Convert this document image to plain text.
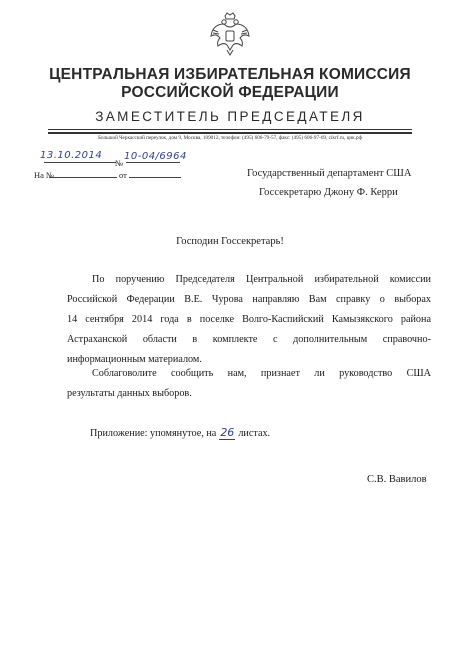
ЦЕНТРАЛЬНАЯ ИЗБИРАТЕЛЬНАЯ КОМИССИЯ
РОССИЙСКОЙ ФЕДЕРАЦИИ
ЗАМЕСТИТЕЛЬ ПРЕДСЕДАТЕЛЯ
Большой Черкасский переулок, дом 9, Москва, 109012, телефон: (495) 606-79-57, факс: (495) 606-97-69, cikrf.ru, цик.рф
13.10.2014
№
10-04/6964
На №	от	Государственный департамент США
Госсекретарю Джону Ф. Керри
Господин Госсекретарь!
По поручению Председателя Центральной избирательной комиссии
Российской Федерации В.Е. Чурова направляю Вам справку о выборах
14 сентября 2014 года в поселке Волго-Каспийский Камызякского района
Астраханской области в комплекте с дополнительным справочно-
информационным материалом.
Соблаговолите сообщить нам, признает ли руководство США
результаты данных выборов.
Приложение: упомянутое, на 26 листах.
С.В. Вавилов
